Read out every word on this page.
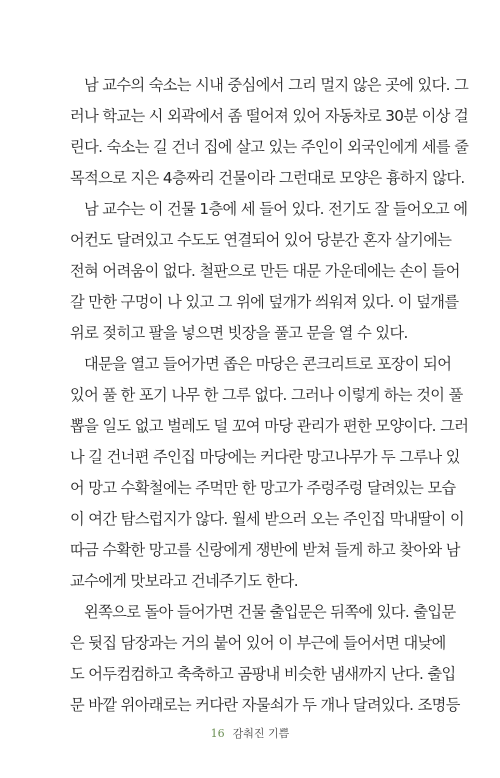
남 교수의 숙소는 시내 중심에서 그리 멀지 않은 곳에 있다. 그
러나 학교는 시 외곽에서 좀 떨어져 있어 자동차로 30분 이상 걸
린다. 숙소는 길 건너 집에 살고 있는 주인이 외국인에게 세를 줄
목적으로 지은 4층짜리 건물이라 그런대로 모양은 흉하지 않다.
남 교수는 이 건물 1층에 세 들어 있다. 전기도 잘 들어오고 에
어컨도 달려있고 수도도 연결되어 있어 당분간 혼자 살기에는
전혀 어려움이 없다. 철판으로 만든 대문 가운데에는 손이 들어
갈 만한 구멍이 나 있고 그 위에 덮개가 씌워져 있다. 이 덮개를
위로 젖히고 팔을 넣으면 빗장을 풀고 문을 열 수 있다.
대문을 열고 들어가면 좁은 마당은 콘크리트로 포장이 되어
있어 풀 한 포기 나무 한 그루 없다. 그러나 이렇게 하는 것이 풀
뽑을 일도 없고 벌레도 덜 꼬여 마당 관리가 편한 모양이다. 그러
나 길 건너편 주인집 마당에는 커다란 망고나무가 두 그루나 있
어 망고 수확철에는 주먹만 한 망고가 주렁주렁 달려있는 모습
이 여간 탐스럽지가 않다. 월세 받으러 오는 주인집 막내딸이 이
따금 수확한 망고를 신랑에게 쟁반에 받쳐 들게 하고 찾아와 남
교수에게 맛보라고 건네주기도 한다.
왼쪽으로 돌아 들어가면 건물 출입문은 뒤쪽에 있다. 출입문
은 뒷집 담장과는 거의 붙어 있어 이 부근에 들어서면 대낮에
도 어두컴컴하고 축축하고 곰팡내 비슷한 냄새까지 난다. 출입
문 바깥 위아래로는 커다란 자물쇠가 두 개나 달려있다. 조명등
16 감춰진 기쁨
